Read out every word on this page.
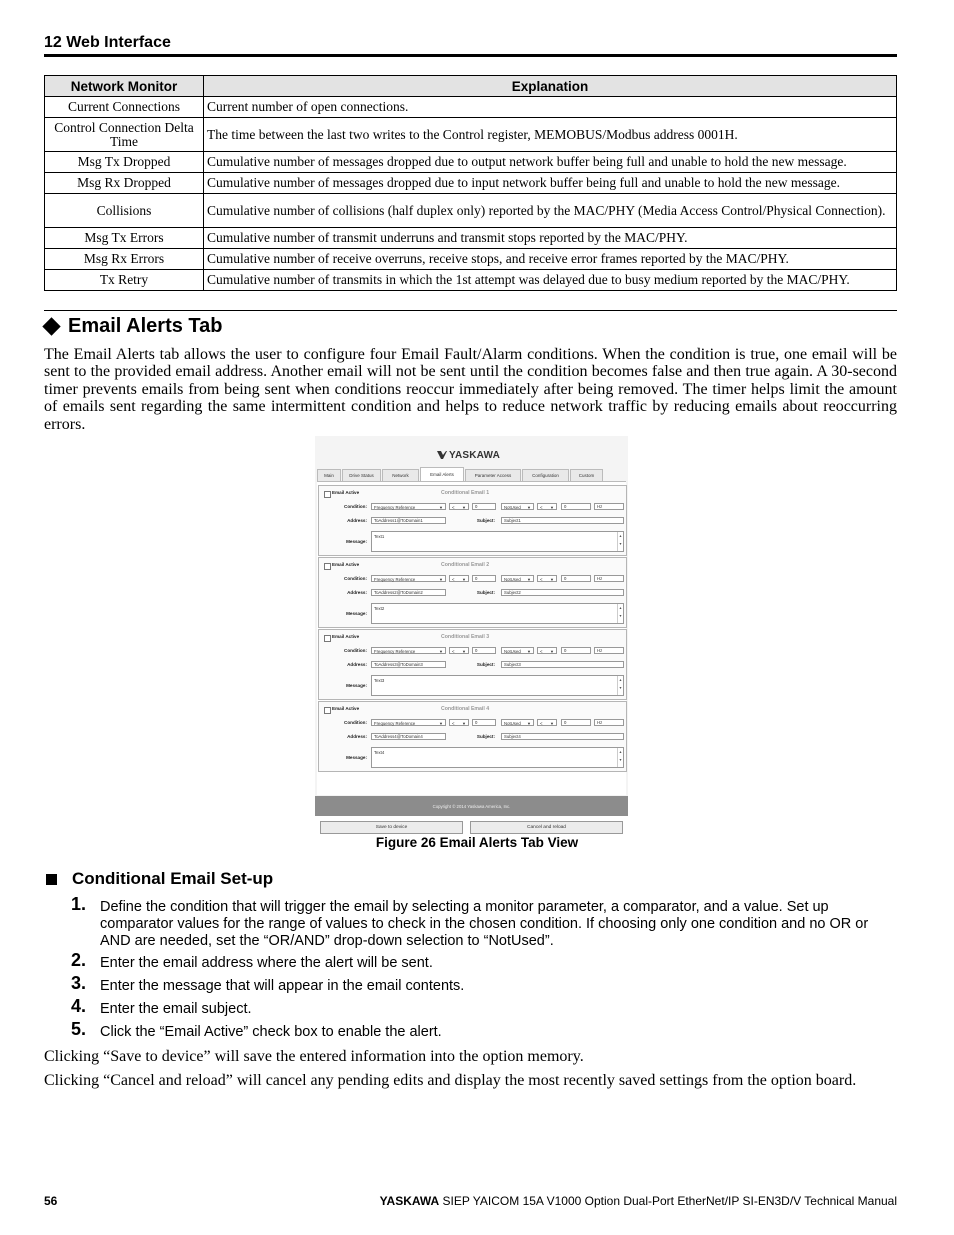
12 Web Interface
Network Monitor	Explanation
Current Connections	Current number of open connections.
Control Connection Delta Time	The time between the last two writes to the Control register, MEMOBUS/Modbus address 0001H.
Msg Tx Dropped	Cumulative number of messages dropped due to output network buffer being full and unable to hold the new message.
Msg Rx Dropped	Cumulative number of messages dropped due to input network buffer being full and unable to hold the new message.
Collisions	Cumulative number of collisions (half duplex only) reported by the MAC/PHY (Media Access Control/Physical Connection).
Msg Tx Errors	Cumulative number of transmit underruns and transmit stops reported by the MAC/PHY.
Msg Rx Errors	Cumulative number of receive overruns, receive stops, and receive error frames reported by the MAC/PHY.
Tx Retry	Cumulative number of transmits in which the 1st attempt was delayed due to busy medium reported by the MAC/PHY.
Email Alerts Tab

The Email Alerts tab allows the user to configure four Email Fault/Alarm conditions. When the condition is true, one email will be sent to the provided email address. Another email will not be sent until the condition becomes false and then true again. A 30-second timer prevents emails from being sent when conditions reoccur immediately after being removed. The timer helps limit the amount of emails sent regarding the same intermittent condition and helps to reduce network traffic by reducing emails about reoccurring errors.

YASKAWA
Main	Drive Status	Network	Email Alerts	Parameter Access	Configuration	Custom
Email Active	Conditional Email 1
Condition:	Frequency Reference	▼	< ▼	0	NotUsed ▼	< ▼	0	Hz
Address:	ToAddress1@ToDomain1	Subject:	Subject1
Message:
Text1	▲
▼
Email Active	Conditional Email 2
Condition:	Frequency Reference	▼	< ▼	0	NotUsed ▼	< ▼	0	Hz
Address:	ToAddress2@ToDomain2	Subject:	Subject2
Message:
Text2	▲
▼
Email Active	Conditional Email 3
Condition:	Frequency Reference	▼	< ▼	0	NotUsed ▼	< ▼	0	Hz
Address:	ToAddress3@ToDomain3	Subject:	Subject3
Message:
Text3	▲
▼
Email Active	Conditional Email 4
Condition:	Frequency Reference	▼	< ▼	0	NotUsed ▼	< ▼	0	Hz
Address:	ToAddress4@ToDomain4	Subject:	Subject4
Message:
Text4	▲
▼
Save to device	Cancel and reload
Copyright © 2014 Yaskawa America, Inc.
Figure 26 Email Alerts Tab View
Conditional Email Set-up
1. Define the condition that will trigger the email by selecting a monitor parameter, a comparator, and a value. Set up comparator values for the range of values to check in the chosen condition. If choosing only one condition and no OR or AND are needed, set the “OR/AND” drop-down selection to “NotUsed”.
2. Enter the email address where the alert will be sent.
3. Enter the message that will appear in the email contents.
4. Enter the email subject.
5. Click the “Email Active” check box to enable the alert.

Clicking “Save to device” will save the entered information into the option memory.

Clicking “Cancel and reload” will cancel any pending edits and display the most recently saved settings from the option board.

56	YASKAWA SIEP YAICOM 15A V1000 Option Dual-Port EtherNet/IP SI-EN3D/V Technical Manual
